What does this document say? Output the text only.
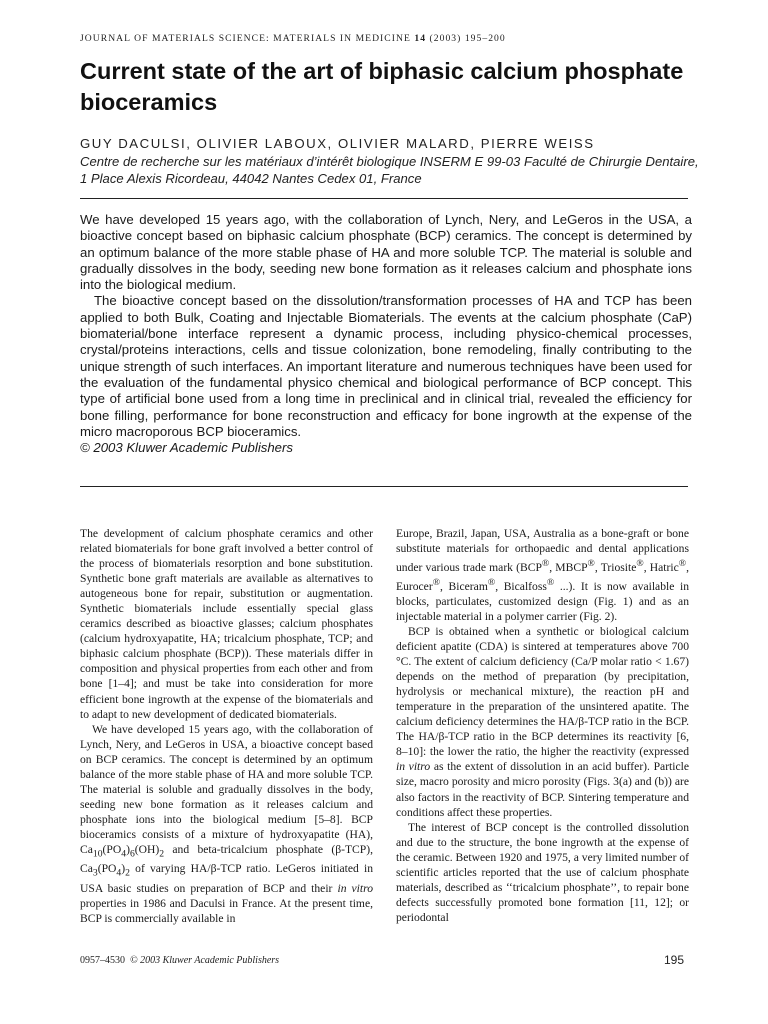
JOURNAL OF MATERIALS SCIENCE: MATERIALS IN MEDICINE 14 (2003) 195–200
Current state of the art of biphasic calcium phosphate bioceramics
GUY DACULSI, OLIVIER LABOUX, OLIVIER MALARD, PIERRE WEISS
Centre de recherche sur les matériaux d’intérêt biologique INSERM E 99-03 Faculté de Chirurgie Dentaire, 1 Place Alexis Ricordeau, 44042 Nantes Cedex 01, France

We have developed 15 years ago, with the collaboration of Lynch, Nery, and LeGeros in the USA, a bioactive concept based on biphasic calcium phosphate (BCP) ceramics. The concept is determined by an optimum balance of the more stable phase of HA and more soluble TCP. The material is soluble and gradually dissolves in the body, seeding new bone formation as it releases calcium and phosphate ions into the biological medium.

The bioactive concept based on the dissolution/transformation processes of HA and TCP has been applied to both Bulk, Coating and Injectable Biomaterials. The events at the calcium phosphate (CaP) biomaterial/bone interface represent a dynamic process, including physico-chemical processes, crystal/proteins interactions, cells and tissue colonization, bone remodeling, finally contributing to the unique strength of such interfaces. An important literature and numerous techniques have been used for the evaluation of the fundamental physico chemical and biological performance of BCP concept. This type of artificial bone used from a long time in preclinical and in clinical trial, revealed the efficiency for bone filling, performance for bone reconstruction and efficacy for bone ingrowth at the expense of the micro macroporous BCP bioceramics.

© 2003 Kluwer Academic Publishers

The development of calcium phosphate ceramics and other related biomaterials for bone graft involved a better control of the process of biomaterials resorption and bone substitution. Synthetic bone graft materials are available as alternatives to autogeneous bone for repair, substitution or augmentation. Synthetic biomaterials include essentially special glass ceramics described as bioactive glasses; calcium phosphates (calcium hydroxyapatite, HA; tricalcium phosphate, TCP; and biphasic calcium phosphate (BCP)). These materials differ in composition and physical properties from each other and from bone [1–4]; and must be take into consideration for more efficient bone ingrowth at the expense of the biomaterials and to adapt to new development of dedicated biomaterials.

We have developed 15 years ago, with the collaboration of Lynch, Nery, and LeGeros in USA, a bioactive concept based on BCP ceramics. The concept is determined by an optimum balance of the more stable phase of HA and more soluble TCP. The material is soluble and gradually dissolves in the body, seeding new bone formation as it releases calcium and phosphate ions into the biological medium [5–8]. BCP bioceramics consists of a mixture of hydroxyapatite (HA), $Ca_{10}(PO_4)_6(OH)_2$ and beta-tricalcium phosphate (β-TCP), $Ca_3(PO_4)_2$ of varying HA/β-TCP ratio. LeGeros initiated in USA basic studies on preparation of BCP and their in vitro properties in 1986 and Daculsi in France. At the present time, BCP is commercially available in

Europe, Brazil, Japan, USA, Australia as a bone-graft or bone substitute materials for orthopaedic and dental applications under various trade mark (BCP®, MBCP®, Triosite®, Hatric®, Eurocer®, Biceram®, Bicalfoss® ...). It is now available in blocks, particulates, customized design (Fig. 1) and as an injectable material in a polymer carrier (Fig. 2).

BCP is obtained when a synthetic or biological calcium deficient apatite (CDA) is sintered at temperatures above 700 °C. The extent of calcium deficiency (Ca/P molar ratio < 1.67) depends on the method of preparation (by precipitation, hydrolysis or mechanical mixture), the reaction pH and temperature in the preparation of the unsintered apatite. The calcium deficiency determines the HA/β-TCP ratio in the BCP. The HA/β-TCP ratio in the BCP determines its reactivity [6, 8–10]: the lower the ratio, the higher the reactivity (expressed in vitro as the extent of dissolution in an acid buffer). Particle size, macro porosity and micro porosity (Figs. 3(a) and (b)) are also factors in the reactivity of BCP. Sintering temperature and conditions affect these properties.

The interest of BCP concept is the controlled dissolution and due to the structure, the bone ingrowth at the expense of the ceramic. Between 1920 and 1975, a very limited number of scientific articles reported that the use of calcium phosphate materials, described as ‘‘tricalcium phosphate’’, to repair bone defects successfully promoted bone formation [11, 12]; or periodontal

0957–4530 © 2003 Kluwer Academic Publishers	195
